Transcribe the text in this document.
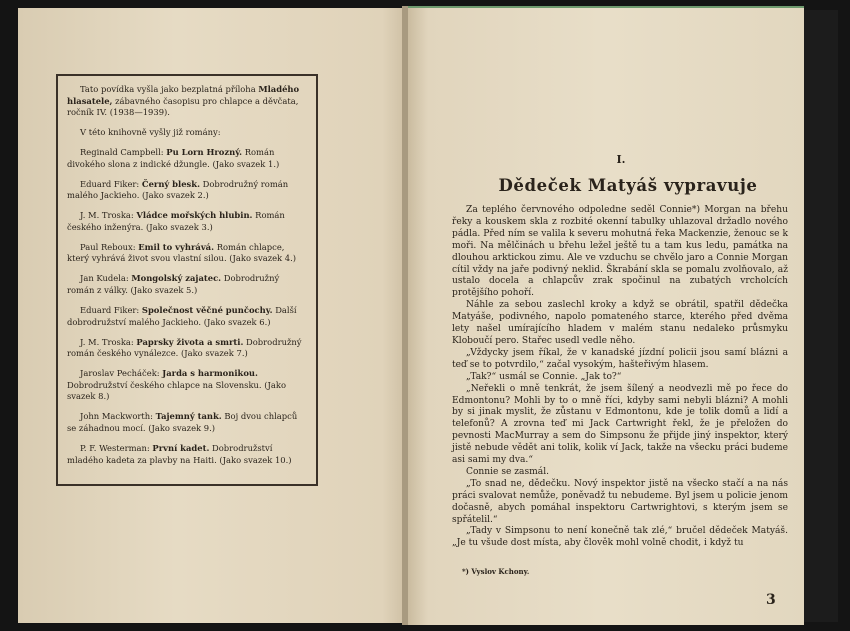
Tato povídka vyšla jako bezplatná příloha Mladého hlasatele, zábavného časopisu pro chlapce a děvčata, ročník IV. (1938—1939).

V této knihovně vyšly již romány:

Reginald Campbell: Pu Lorn Hrozný. Román divokého slona z indické džungle. (Jako svazek 1.)

Eduard Fiker: Černý blesk. Dobrodružný román malého Jackieho. (Jako svazek 2.)

J. M. Troska: Vládce mořských hlubin. Román českého inženýra. (Jako svazek 3.)

Paul Reboux: Emil to vyhrává. Román chlapce, který vyhrává život svou vlastní silou. (Jako svazek 4.)

Jan Kudela: Mongolský zajatec. Dobrodružný román z války. (Jako svazek 5.)

Eduard Fiker: Společnost věčné punčochy. Další dobrodružství malého Jackieho. (Jako svazek 6.)

J. M. Troska: Paprsky života a smrti. Dobrodružný román českého vynálezce. (Jako svazek 7.)

Jaroslav Pecháček: Jarda s harmonikou. Dobrodružství českého chlapce na Slovensku. (Jako svazek 8.)

John Mackworth: Tajemný tank. Boj dvou chlapců se záhadnou mocí. (Jako svazek 9.)

P. F. Westerman: První kadet. Dobrodružství mladého kadeta za plavby na Haiti. (Jako svazek 10.)

I.
Dědeček Matyáš vypravuje

Za teplého červnového odpoledne seděl Connie*) Morgan na břehu řeky a kouskem skla z rozbité okenní tabulky uhlazoval držadlo nového pádla. Před ním se valila k severu mohutná řeka Mackenzie, ženouc se k moři. Na mělčinách u břehu ležel ještě tu a tam kus ledu, památka na dlouhou arktickou zimu. Ale ve vzduchu se chvělo jaro a Connie Morgan cítil vždy na jaře podivný neklid. Škrabání skla se pomalu zvolňovalo, až ustalo docela a chlapcův zrak spočinul na zubatých vrcholcích protějšího pohoří.

Náhle za sebou zaslechl kroky a když se obrátil, spatřil dědečka Matyáše, podivného, napolo pomateného starce, kterého před dvěma lety našel umírajícího hladem v malém stanu nedaleko průsmyku Kloboučí pero. Stařec usedl vedle něho.

„Vždycky jsem říkal, že v kanadské jízdní policii jsou samí blázni a teď se to potvrdilo,“ začal vysokým, hašteřivým hlasem.

„Tak?“ usmál se Connie. „Jak to?“

„Neřekli o mně tenkrát, že jsem šílený a neodvezli mě po řece do Edmontonu? Mohli by to o mně říci, kdyby sami nebyli blázni? A mohli by si jinak myslit, že zůstanu v Edmontonu, kde je tolik domů a lidí a telefonů? A zrovna teď mi Jack Cartwright řekl, že je přeložen do pevnosti MacMurray a sem do Simpsonu že přijde jiný inspektor, který jistě nebude vědět ani tolik, kolik ví Jack, takže na všecku práci budeme asi sami my dva.“

Connie se zasmál.

„To snad ne, dědečku. Nový inspektor jistě na všecko stačí a na nás práci svalovat nemůže, poněvadž tu nebudeme. Byl jsem u policie jenom dočasně, abych pomáhal inspektoru Cartwrightovi, s kterým jsem se spřátelil.“

„Tady v Simpsonu to není konečně tak zlé,“ bručel dědeček Matyáš. „Je tu všude dost místa, aby člověk mohl volně chodit, i když tu

*) Vyslov Kchony.
3
